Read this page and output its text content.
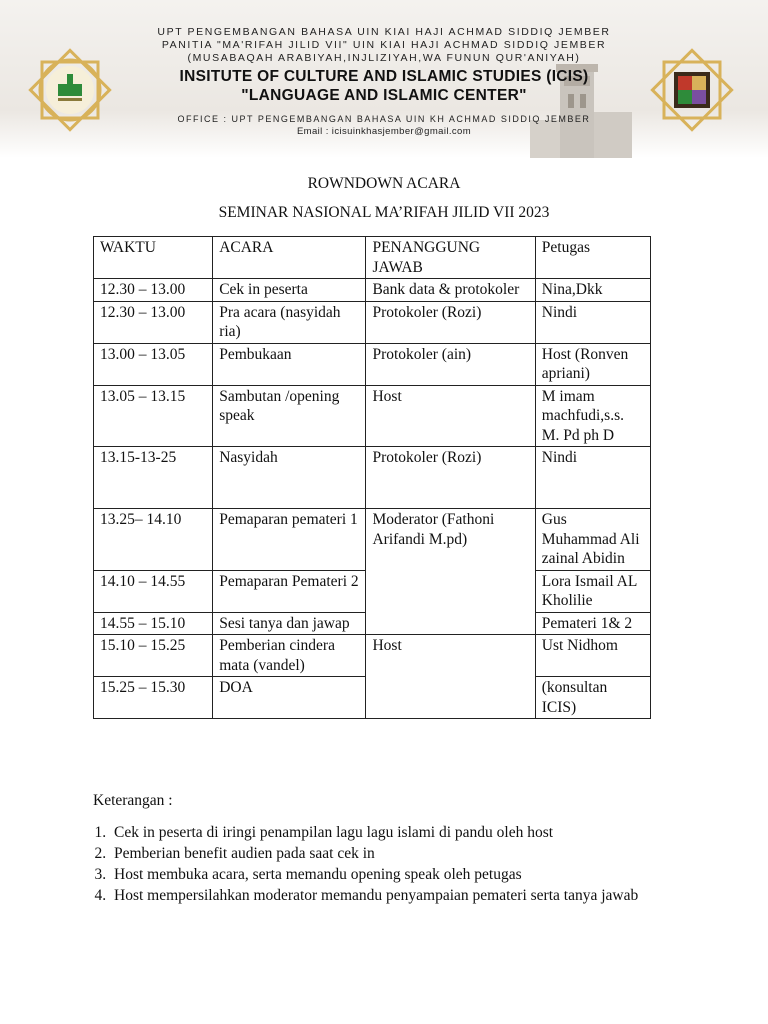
UPT PENGEMBANGAN BAHASA UIN KIAI HAJI ACHMAD SIDDIQ JEMBER
PANITIA "MA'RIFAH JILID VII" UIN KIAI HAJI ACHMAD SIDDIQ JEMBER
(MUSABAQAH ARABIYAH,INJLIZIYAH,WA FUNUN QUR'ANIYAH)
INSITUTE OF CULTURE AND ISLAMIC STUDIES (ICIS)
"LANGUAGE AND ISLAMIC CENTER"
OFFICE : UPT PENGEMBANGAN BAHASA UIN KH ACHMAD SIDDIQ JEMBER
Email : icisuinkhasjember@gmail.com
ROWNDOWN ACARA
SEMINAR NASIONAL MA’RIFAH JILID VII 2023
WAKTU	ACARA	PENANGGUNG JAWAB	Petugas
12.30 – 13.00	Cek in peserta	Bank data & protokoler	Nina,Dkk
12.30 – 13.00	Pra acara (nasyidah ria)	Protokoler (Rozi)	Nindi
13.00 – 13.05	Pembukaan	Protokoler (ain)	Host (Ronven apriani)
13.05 – 13.15	Sambutan /opening speak	Host	M imam machfudi,s.s. M. Pd ph D
13.15-13-25	Nasyidah	Protokoler (Rozi)	Nindi
13.25– 14.10	Pemaparan pemateri 1	Moderator (Fathoni Arifandi M.pd)	Gus Muhammad Ali zainal Abidin
14.10 – 14.55	Pemaparan Pemateri 2		Lora Ismail AL Kholilie
14.55 – 15.10	Sesi tanya dan jawap		Pemateri 1& 2
15.10 – 15.25	Pemberian cindera mata (vandel)	Host	Ust Nidhom
15.25 – 15.30	DOA		(konsultan ICIS)
Keterangan :
1. Cek in peserta di iringi penampilan lagu lagu islami di pandu oleh host
2. Pemberian benefit audien pada saat cek in
3. Host membuka acara, serta memandu opening speak oleh petugas
4. Host mempersilahkan moderator memandu penyampaian pemateri serta tanya jawab
